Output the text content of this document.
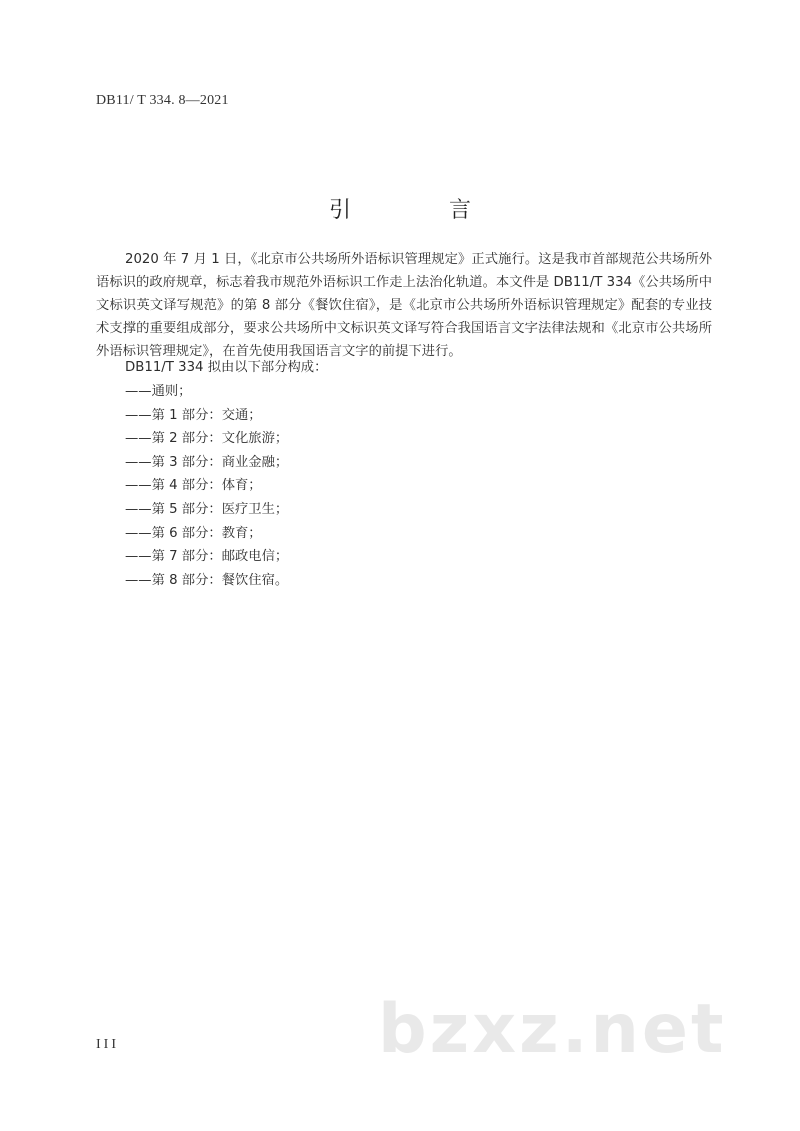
DB11/ T 334. 8—2021
引　言

2020 年 7 月 1 日，《北京市公共场所外语标识管理规定》正式施行。这是我市首部规范公共场所外语标识的政府规章，标志着我市规范外语标识工作走上法治化轨道。本文件是 DB11/T 334《公共场所中文标识英文译写规范》的第 8 部分《餐饮住宿》，是《北京市公共场所外语标识管理规定》配套的专业技术支撑的重要组成部分，要求公共场所中文标识英文译写符合我国语言文字法律法规和《北京市公共场所外语标识管理规定》，在首先使用我国语言文字的前提下进行。

DB11/T 334 拟由以下部分构成：
——通则；
——第 1 部分：交通；
——第 2 部分：文化旅游；
——第 3 部分：商业金融；
——第 4 部分：体育；
——第 5 部分：医疗卫生；
——第 6 部分：教育；
——第 7 部分：邮政电信；
——第 8 部分：餐饮住宿。
bzxz.net
III
